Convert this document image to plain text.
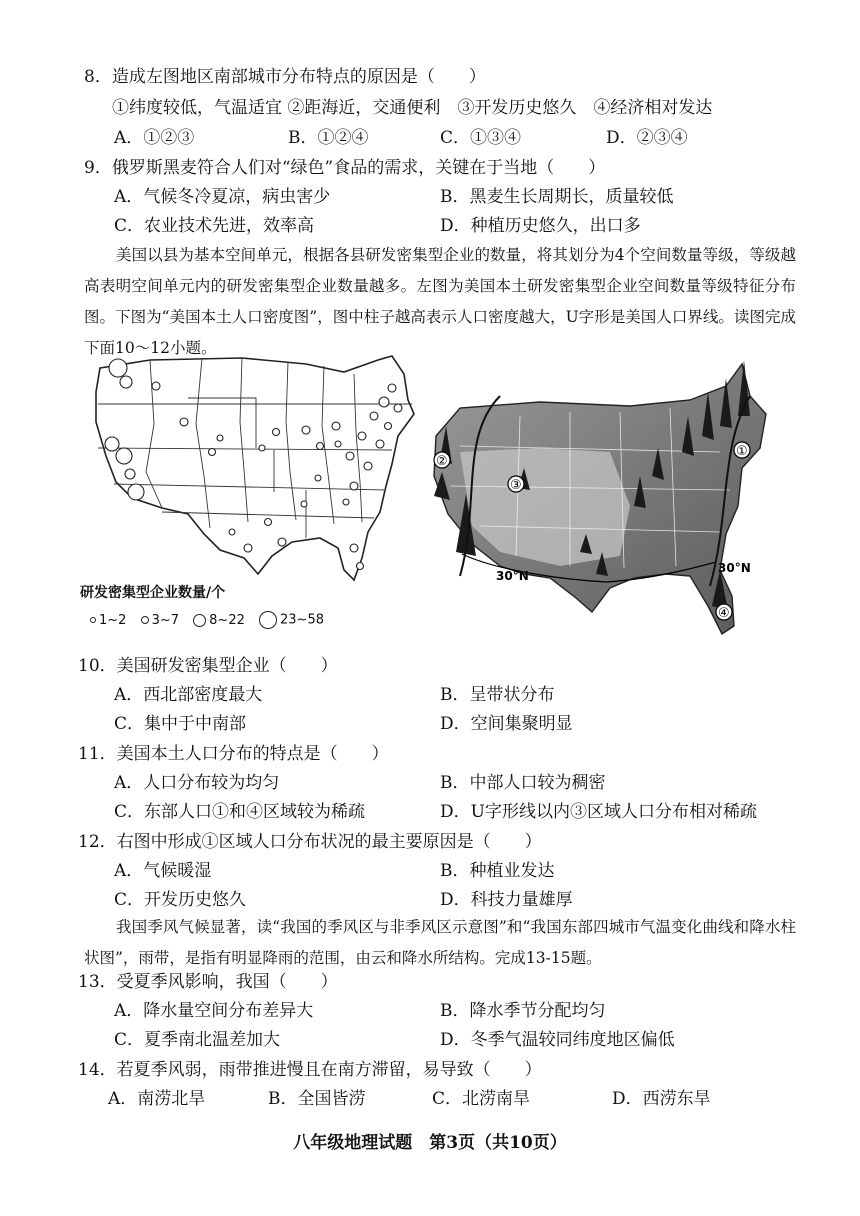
8．造成左图地区南部城市分布特点的原因是（　　）
①纬度较低，气温适宜 ②距海近，交通便利　③开发历史悠久　④经济相对发达
A．①②③	B．①②④	C．①③④	D．②③④
9．俄罗斯黑麦符合人们对“绿色”食品的需求，关键在于当地（　　）
A．气候冬冷夏凉，病虫害少	B．黑麦生长周期长，质量较低
C．农业技术先进，效率高	D．种植历史悠久，出口多
美国以县为基本空间单元，根据各县研发密集型企业的数量，将其划分为4个空间数量等级，等级越高表明空间单元内的研发密集型企业数量越多。左图为美国本土研发密集型企业空间数量等级特征分布图。下图为“美国本土人口密度图”，图中柱子越高表示人口密度越大，U字形是美国人口界线。读图完成下面10～12小题。
研发密集型企业数量/个
1~2 3~7 8~22	23~58
①
②
③
④
30°N
30°N
10．美国研发密集型企业（　　）
A．西北部密度最大	B．呈带状分布
C．集中于中南部	D．空间集聚明显
11．美国本土人口分布的特点是（　　）
A．人口分布较为均匀	B．中部人口较为稠密
C．东部人口①和④区域较为稀疏	D．U字形线以内③区域人口分布相对稀疏
12．右图中形成①区域人口分布状况的最主要原因是（　　）
A．气候暖湿	B．种植业发达
C．开发历史悠久	D．科技力量雄厚
我国季风气候显著，读“我国的季风区与非季风区示意图”和“我国东部四城市气温变化曲线和降水柱状图”，雨带，是指有明显降雨的范围，由云和降水所结构。完成13-15题。
13．受夏季风影响，我国（　　）
A．降水量空间分布差异大	B．降水季节分配均匀
C．夏季南北温差加大	D．冬季气温较同纬度地区偏低
14．若夏季风弱，雨带推进慢且在南方滞留，易导致（　　）
A．南涝北旱	B．全国皆涝	C．北涝南旱	D．西涝东旱
八年级地理试题　第3页（共10页）
